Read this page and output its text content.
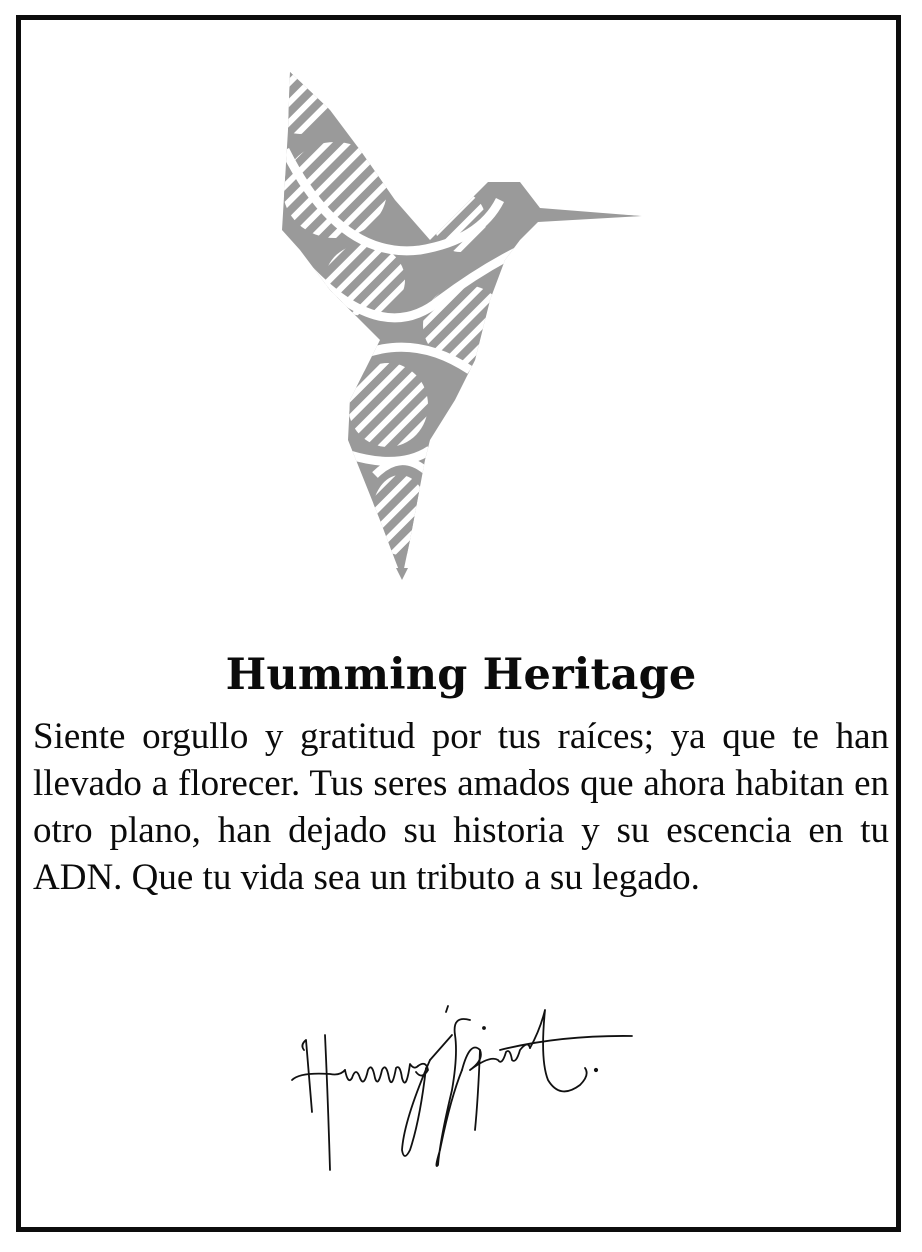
Humming Heritage

Siente orgullo y gratitud por tus raíces; ya que te han llevado a florecer. Tus seres amados que ahora habitan en otro plano, han dejado su historia y su escencia en tu ADN. Que tu vida sea un tributo a su legado.
